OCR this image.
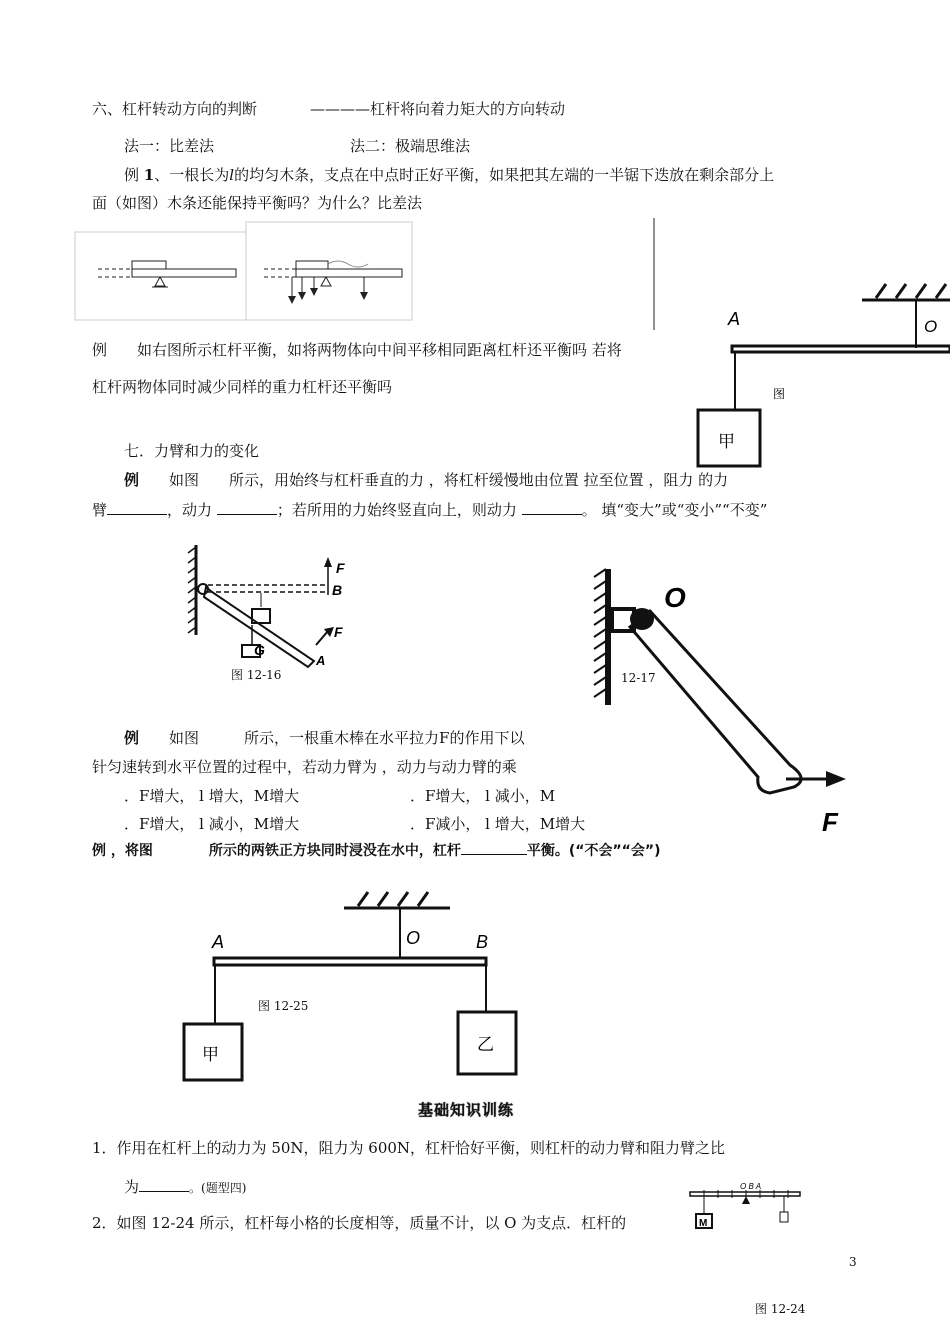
六、杠杆转动方向的判断	————杠杆将向着力矩大的方向转动
法一：比差法	法二：极端思维法
例 1、一根长为l的均匀木条，支点在中点时正好平衡，如果把其左端的一半锯下迭放在剩余部分上
面（如图）木条还能保持平衡吗？为什么？比差法
A	O
甲
图
例　　如右图所示杠杆平衡，如将两物体向中间平移相同距离杠杆还平衡吗 若将
杠杆两物体同时减少同样的重力杠杆还平衡吗
七．力臂和力的变化
例　　 如图　　所示，用始终与杠杆垂直的力 ，将杠杆缓慢地由位置 拉至位置 ，阻力 的力
臂	，动力	；若所用的力始终竖直向上，则动力	。 填“变大”或“变小”“不变”
F
B
F
G
A
图 12-16
O
F
12-17
例　　 如图　　　所示，一根重木棒在水平拉力F的作用下以
针匀速转到水平位置的过程中，若动力臂为 ，动力与动力臂的乘
．F增大， l 增大，M增大	．F增大， l 减小，M
．F增大， l 减小，M增大	．F减小， l 增大，M增大
例 ，将图　　　　	所示的两铁正方块同时浸没在水中，杠杆	平衡。(“不会”“会”)
A	O	B
甲	乙
图 12-25
基础知识训练
1．作用在杠杆上的动力为 50N，阻力为 600N，杠杆恰好平衡，则杠杆的动力臂和阻力臂之比
为	。(题型四)
2．如图 12-24 所示，杠杆每小格的长度相等，质量不计，以 O 为支点．杠杆的	M
O B A
3
图 12-24
